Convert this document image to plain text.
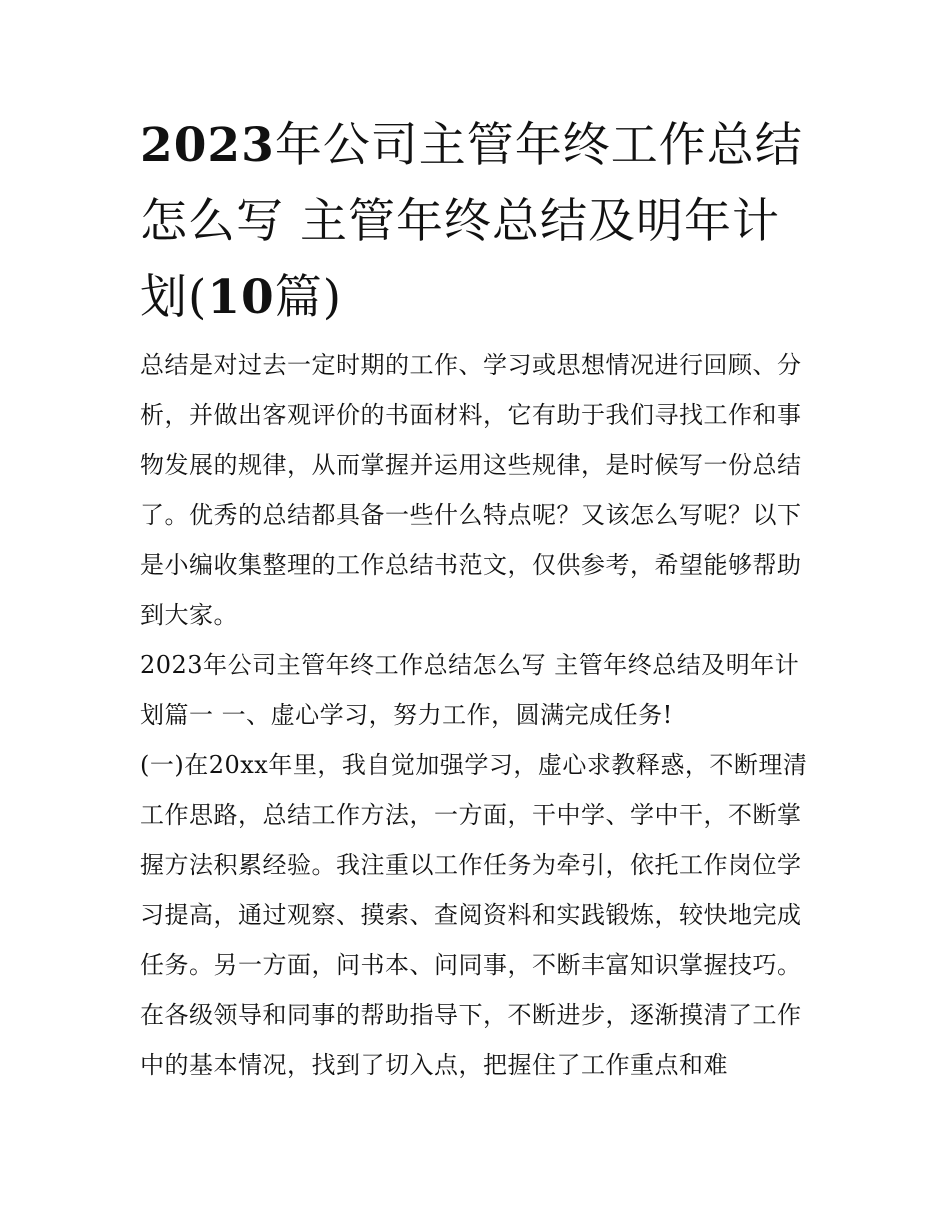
2023年公司主管年终工作总结怎么写 主管年终总结及明年计划(10篇)

总结是对过去一定时期的工作、学习或思想情况进行回顾、分析，并做出客观评价的书面材料，它有助于我们寻找工作和事物发展的规律，从而掌握并运用这些规律，是时候写一份总结了。优秀的总结都具备一些什么特点呢？又该怎么写呢？以下是小编收集整理的工作总结书范文，仅供参考，希望能够帮助到大家。

2023年公司主管年终工作总结怎么写 主管年终总结及明年计划篇一 一、虚心学习，努力工作，圆满完成任务!

(一)在20xx年里，我自觉加强学习，虚心求教释惑，不断理清工作思路，总结工作方法，一方面，干中学、学中干，不断掌握方法积累经验。我注重以工作任务为牵引，依托工作岗位学习提高，通过观察、摸索、查阅资料和实践锻炼，较快地完成任务。另一方面，问书本、问同事，不断丰富知识掌握技巧。在各级领导和同事的帮助指导下，不断进步，逐渐摸清了工作中的基本情况，找到了切入点，把握住了工作重点和难
